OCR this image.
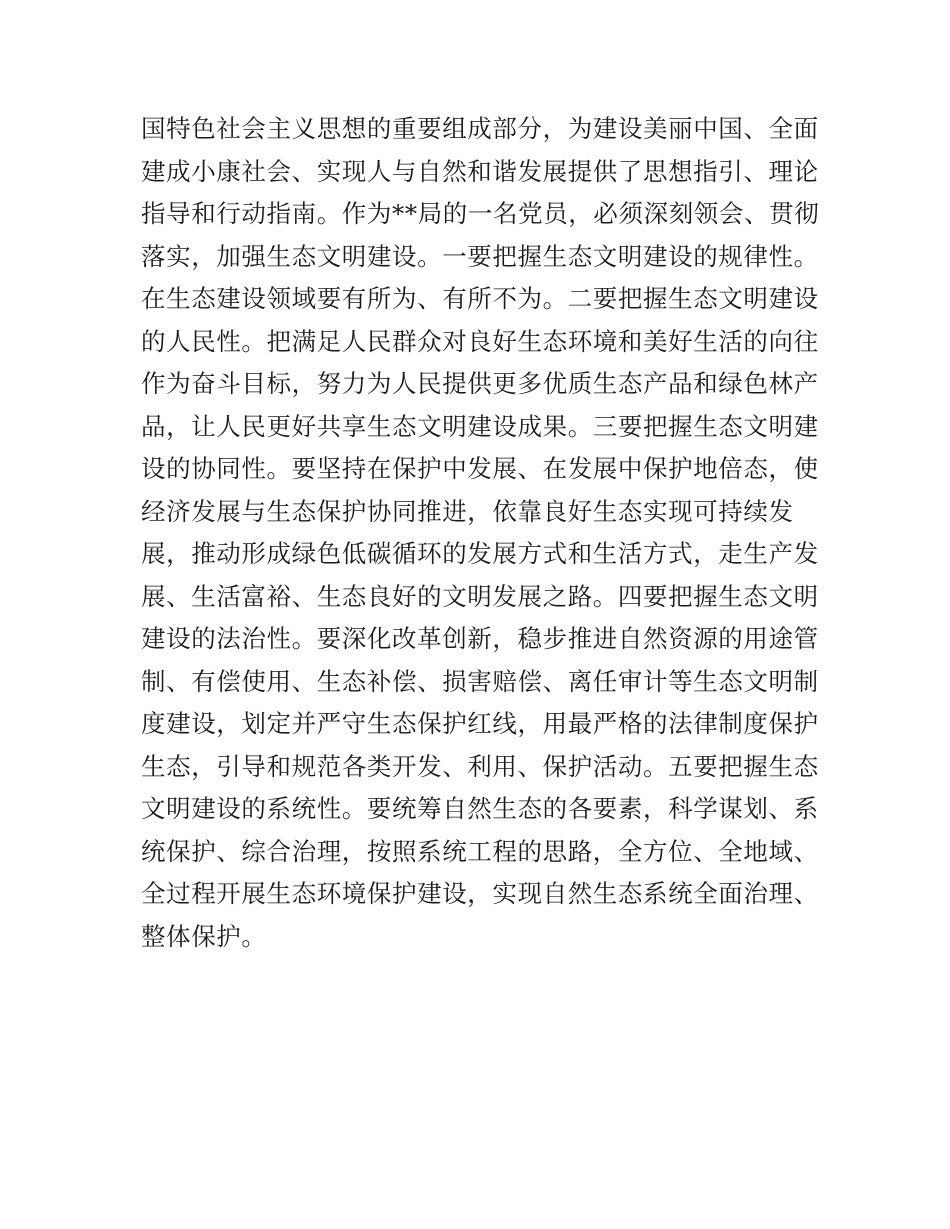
国特色社会主义思想的重要组成部分，为建设美丽中国、全面
建成小康社会、实现人与自然和谐发展提供了思想指引、理论
指导和行动指南。作为**局的一名党员，必须深刻领会、贯彻
落实，加强生态文明建设。一要把握生态文明建设的规律性。
在生态建设领域要有所为、有所不为。二要把握生态文明建设
的人民性。把满足人民群众对良好生态环境和美好生活的向往
作为奋斗目标，努力为人民提供更多优质生态产品和绿色林产
品，让人民更好共享生态文明建设成果。三要把握生态文明建
设的协同性。要坚持在保护中发展、在发展中保护地倍态，使
经济发展与生态保护协同推进，依靠良好生态实现可持续发
展，推动形成绿色低碳循环的发展方式和生活方式，走生产发
展、生活富裕、生态良好的文明发展之路。四要把握生态文明
建设的法治性。要深化改革创新，稳步推进自然资源的用途管
制、有偿使用、生态补偿、损害赔偿、离任审计等生态文明制
度建设，划定并严守生态保护红线，用最严格的法律制度保护
生态，引导和规范各类开发、利用、保护活动。五要把握生态
文明建设的系统性。要统筹自然生态的各要素，科学谋划、系
统保护、综合治理，按照系统工程的思路，全方位、全地域、
全过程开展生态环境保护建设，实现自然生态系统全面治理、
整体保护。
